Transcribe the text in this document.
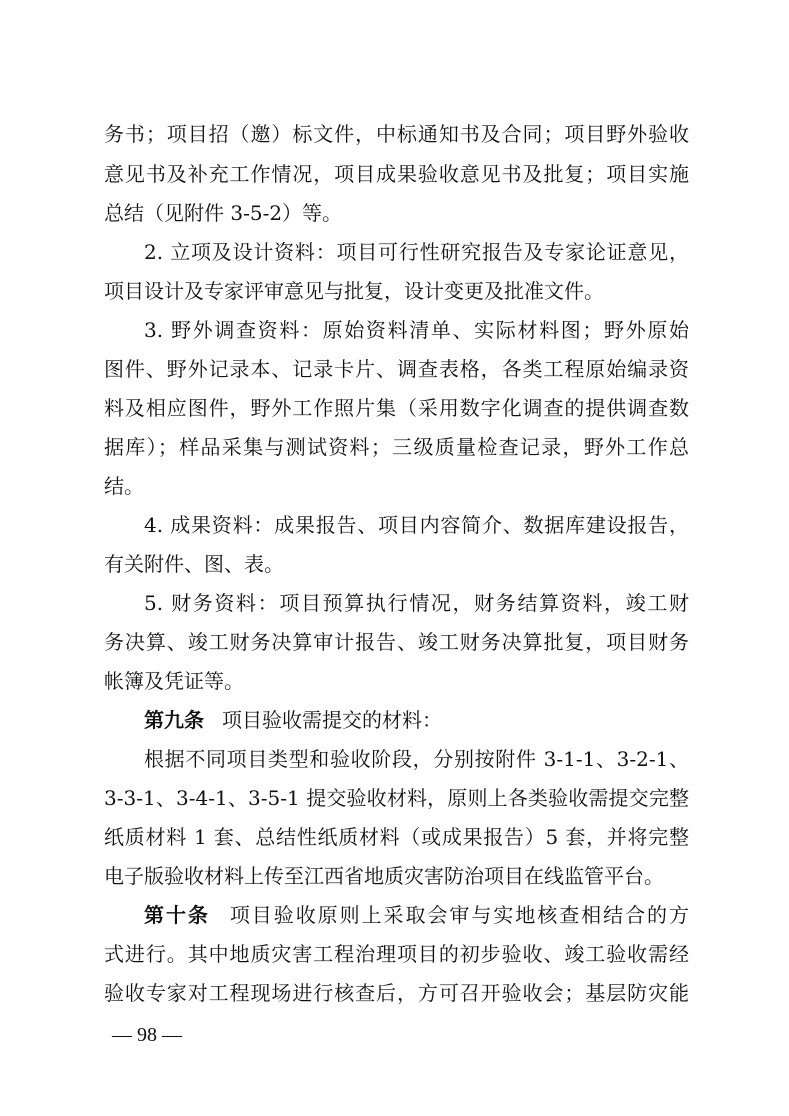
务书；项目招（邀）标文件，中标通知书及合同；项目野外验收
意见书及补充工作情况，项目成果验收意见书及批复；项目实施
总结（见附件 3-5-2）等。
2. 立项及设计资料：项目可行性研究报告及专家论证意见，
项目设计及专家评审意见与批复，设计变更及批准文件。
3. 野外调查资料：原始资料清单、实际材料图；野外原始
图件、野外记录本、记录卡片、调查表格，各类工程原始编录资
料及相应图件，野外工作照片集（采用数字化调查的提供调查数
据库）；样品采集与测试资料；三级质量检查记录，野外工作总
结。
4. 成果资料：成果报告、项目内容简介、数据库建设报告，
有关附件、图、表。
5. 财务资料：项目预算执行情况，财务结算资料，竣工财
务决算、竣工财务决算审计报告、竣工财务决算批复，项目财务
帐簿及凭证等。
第九条 项目验收需提交的材料：
根据不同项目类型和验收阶段，分别按附件 3-1-1、3-2-1、
3-3-1、3-4-1、3-5-1 提交验收材料，原则上各类验收需提交完整
纸质材料 1 套、总结性纸质材料（或成果报告）5 套，并将完整
电子版验收材料上传至江西省地质灾害防治项目在线监管平台。
第十条 项目验收原则上采取会审与实地核查相结合的方
式进行。其中地质灾害工程治理项目的初步验收、竣工验收需经
验收专家对工程现场进行核查后，方可召开验收会；基层防灾能
— 98 —
